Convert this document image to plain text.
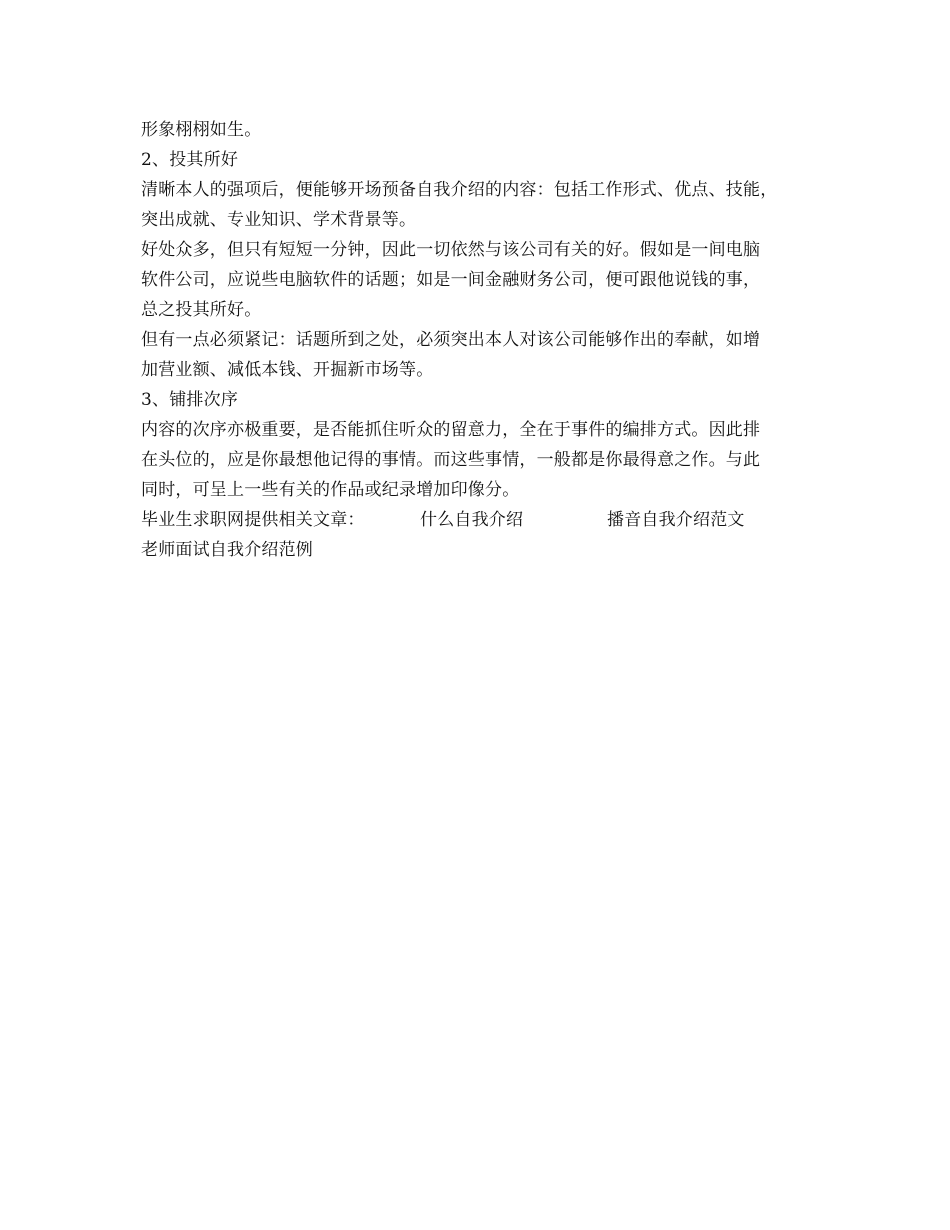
形象栩栩如生。
2、投其所好
清晰本人的强项后，便能够开场预备自我介绍的内容：包括工作形式、优点、技能，
突出成就、专业知识、学术背景等。
好处众多，但只有短短一分钟，因此一切依然与该公司有关的好。假如是一间电脑
软件公司，应说些电脑软件的话题；如是一间金融财务公司，便可跟他说钱的事，
总之投其所好。
但有一点必须紧记：话题所到之处，必须突出本人对该公司能够作出的奉献，如增
加营业额、减低本钱、开掘新市场等。
3、铺排次序
内容的次序亦极重要，是否能抓住听众的留意力，全在于事件的编排方式。因此排
在头位的，应是你最想他记得的事情。而这些事情，一般都是你最得意之作。与此
同时，可呈上一些有关的作品或纪录增加印像分。
毕业生求职网提供相关文章：	什么自我介绍	播音自我介绍范文
老师面试自我介绍范例
